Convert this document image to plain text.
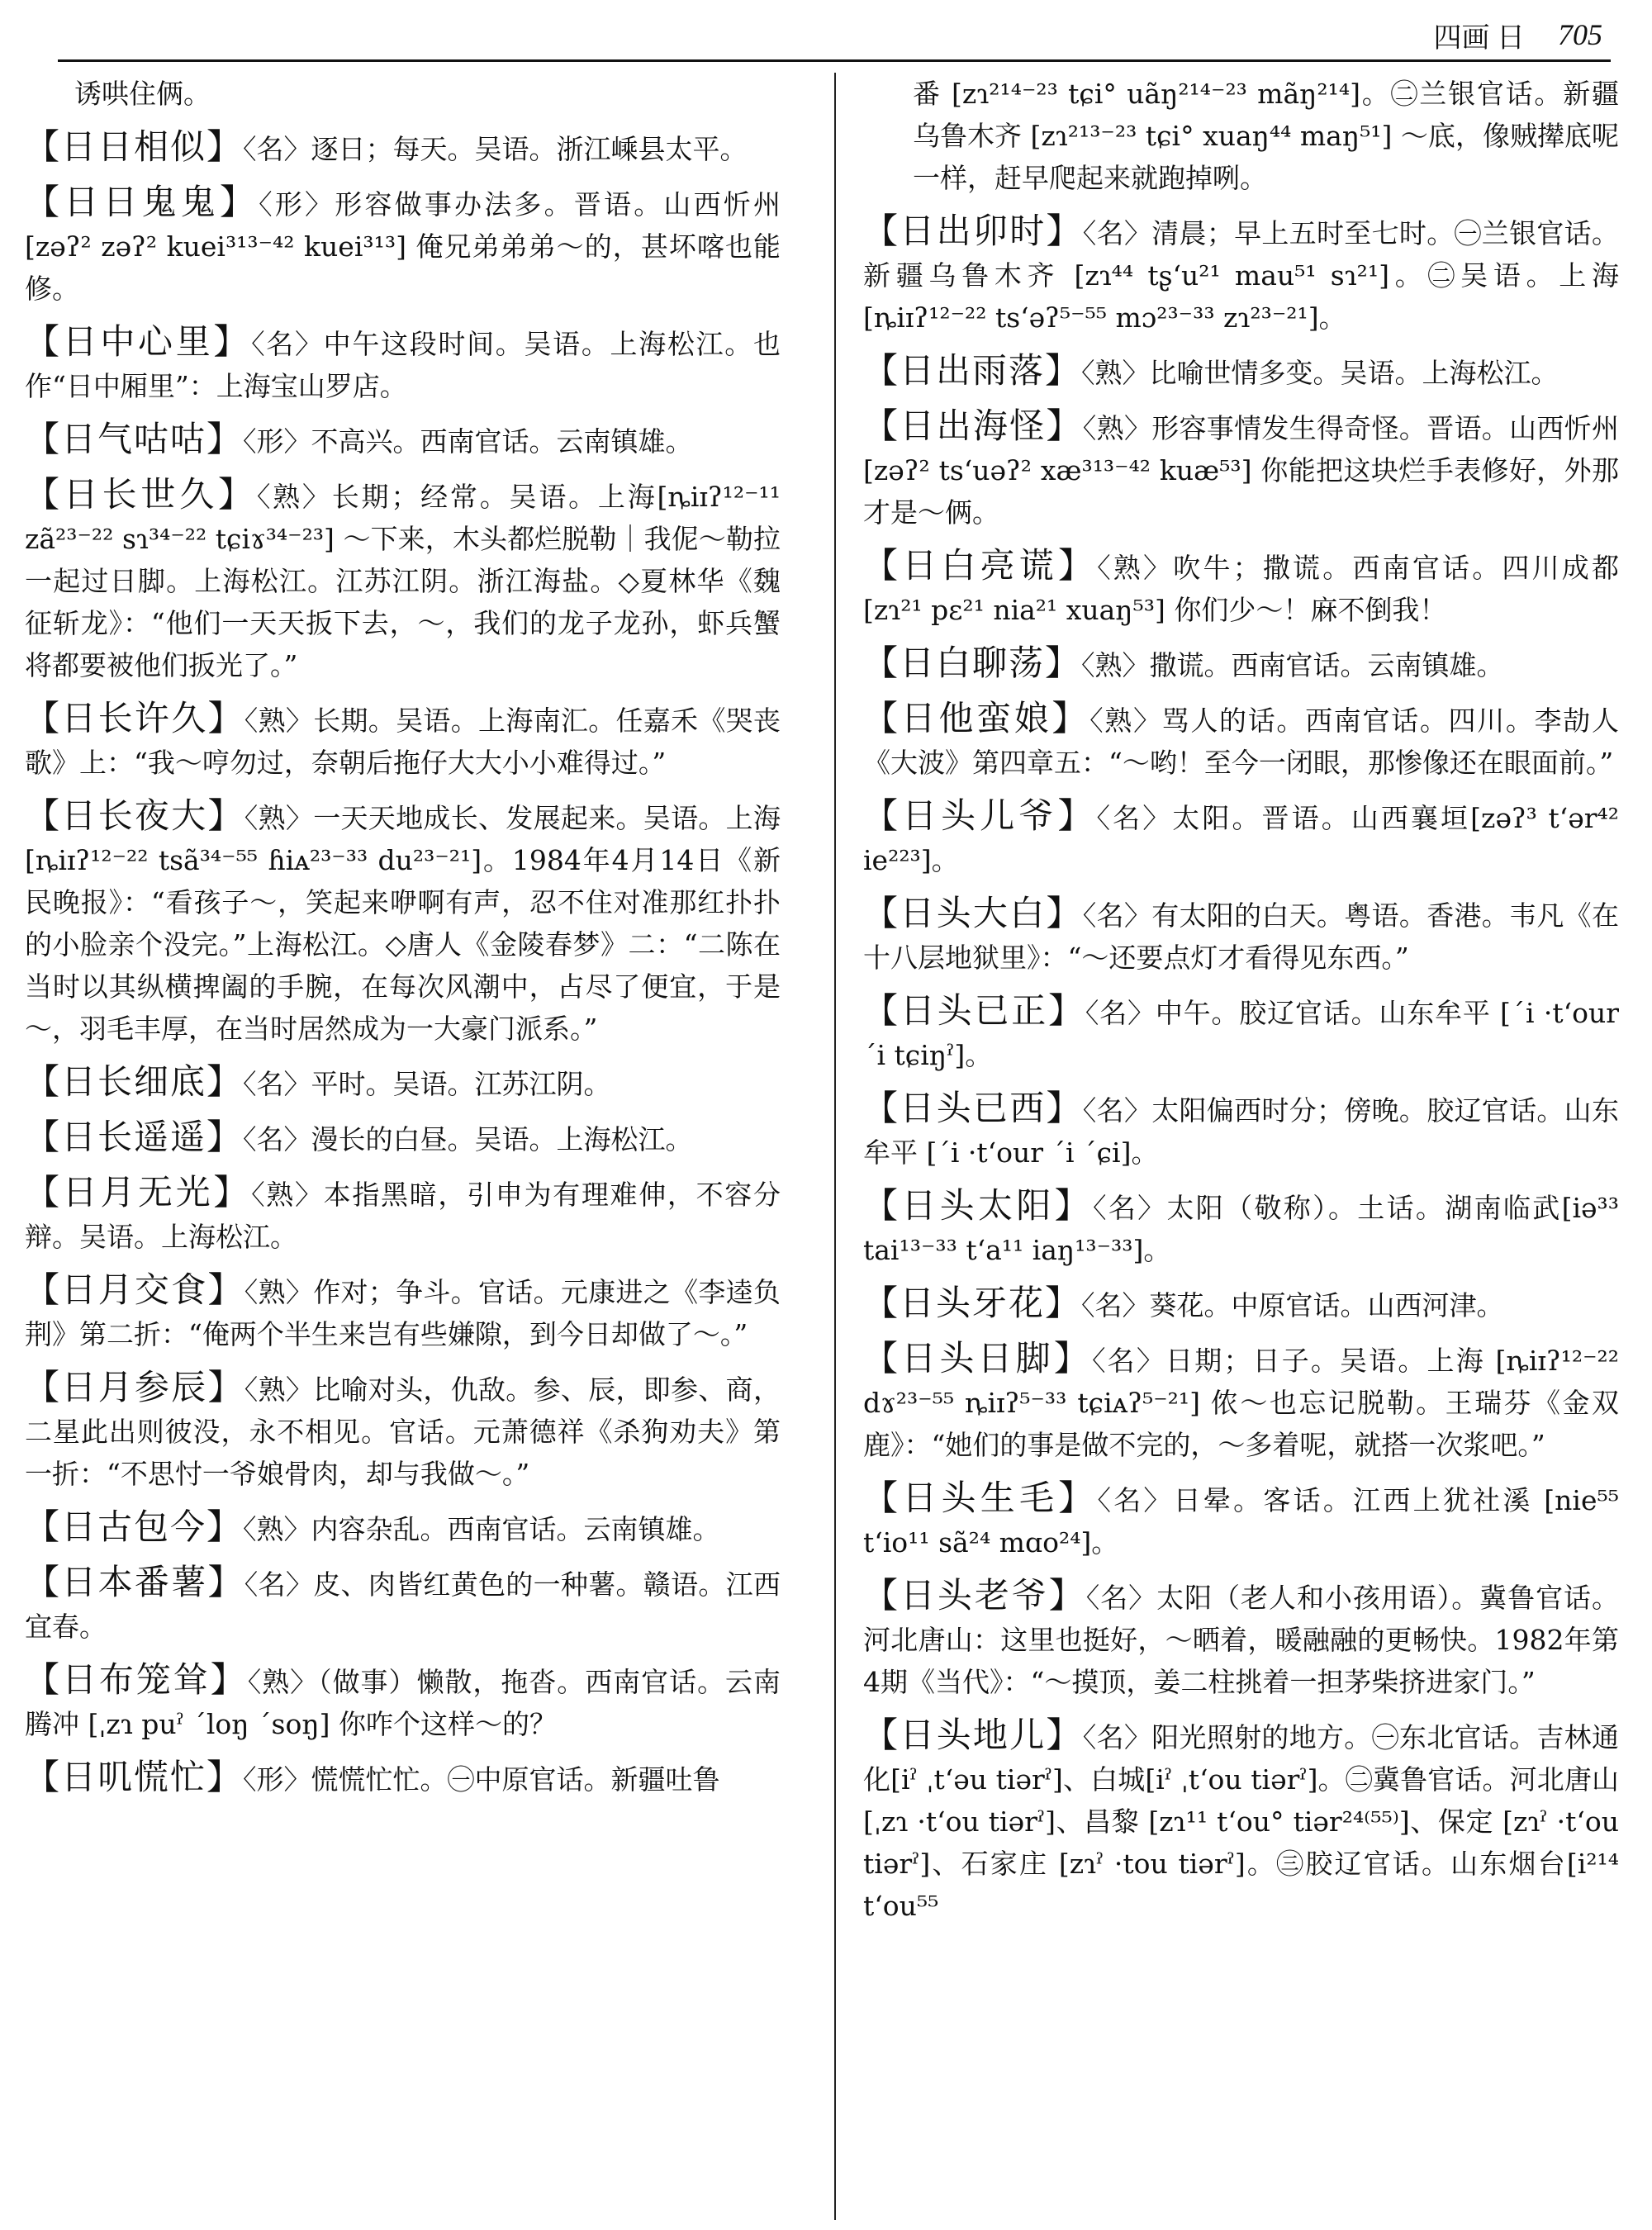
四画 日 705

诱哄住俩。

【日日相似】〈名〉逐日；每天。吴语。浙江嵊县太平。

【日日鬼鬼】〈形〉形容做事办法多。晋语。山西忻州 [zəʔ² zəʔ² kuei³¹³⁻⁴² kuei³¹³] 俺兄弟弟弟～的，甚坏喀也能修。

【日中心里】〈名〉中午这段时间。吴语。上海松江。也作“日中厢里”：上海宝山罗店。

【日气咕咕】〈形〉不高兴。西南官话。云南镇雄。

【日长世久】〈熟〉长期；经常。吴语。上海[ȵiɪʔ¹²⁻¹¹ zã²³⁻²² sɿ³⁴⁻²² tɕiɤ³⁴⁻²³] ～下来，木头都烂脱勒｜我伲～勒拉一起过日脚。上海松江。江苏江阴。浙江海盐。◇夏林华《魏征斩龙》：“他们一天天扳下去，～，我们的龙子龙孙，虾兵蟹将都要被他们扳光了。”

【日长许久】〈熟〉长期。吴语。上海南汇。任嘉禾《哭丧歌》上：“我～哼勿过，奈朝后拖仔大大小小难得过。”

【日长夜大】〈熟〉一天天地成长、发展起来。吴语。上海[ȵiɪʔ¹²⁻²² tsã³⁴⁻⁵⁵ ɦiᴀ²³⁻³³ du²³⁻²¹]。1984年4月14日《新民晚报》：“看孩子～，笑起来咿啊有声，忍不住对准那红扑扑的小脸亲个没完。”上海松江。◇唐人《金陵春梦》二：“二陈在当时以其纵横捭阖的手腕，在每次风潮中，占尽了便宜，于是～，羽毛丰厚，在当时居然成为一大豪门派系。”

【日长细底】〈名〉平时。吴语。江苏江阴。

【日长遥遥】〈名〉漫长的白昼。吴语。上海松江。

【日月无光】〈熟〉本指黑暗，引申为有理难伸，不容分辩。吴语。上海松江。

【日月交食】〈熟〉作对；争斗。官话。元康进之《李逵负荆》第二折：“俺两个半生来岂有些嫌隙，到今日却做了～。”

【日月参辰】〈熟〉比喻对头，仇敌。参、辰，即参、商，二星此出则彼没，永不相见。官话。元萧德祥《杀狗劝夫》第一折：“不思忖一爷娘骨肉，却与我做～。”

【日古包今】〈熟〉内容杂乱。西南官话。云南镇雄。

【日本番薯】〈名〉皮、肉皆红黄色的一种薯。赣语。江西宜春。

【日布笼耸】〈熟〉（做事）懒散，拖沓。西南官话。云南腾冲 [ˌzɿ puˀ ˊloŋ ˊsoŋ] 你咋个这样～的？

【日叽慌忙】〈形〉慌慌忙忙。㊀中原官话。新疆吐鲁

番 [zɿ²¹⁴⁻²³ tɕi° uãŋ²¹⁴⁻²³ mãŋ²¹⁴]。㊁兰银官话。新疆乌鲁木齐 [zɿ²¹³⁻²³ tɕi° xuaŋ⁴⁴ maŋ⁵¹] ～底，像贼撵底呢一样，赶早爬起来就跑掉咧。

【日出卯时】〈名〉清晨；早上五时至七时。㊀兰银官话。新疆乌鲁木齐 [zɿ⁴⁴ tʂʻu²¹ mau⁵¹ sɿ²¹]。㊁吴语。上海 [ȵiɪʔ¹²⁻²² tsʻəʔ⁵⁻⁵⁵ mɔ²³⁻³³ zɿ²³⁻²¹]。

【日出雨落】〈熟〉比喻世情多变。吴语。上海松江。

【日出海怪】〈熟〉形容事情发生得奇怪。晋语。山西忻州 [zəʔ² tsʻuəʔ² xæ³¹³⁻⁴² kuæ⁵³] 你能把这块烂手表修好，外那才是～俩。

【日白亮谎】〈熟〉吹牛；撒谎。西南官话。四川成都 [zɿ²¹ pɛ²¹ nia²¹ xuaŋ⁵³] 你们少～！麻不倒我！

【日白聊荡】〈熟〉撒谎。西南官话。云南镇雄。

【日他蛮娘】〈熟〉骂人的话。西南官话。四川。李劼人《大波》第四章五：“～哟！至今一闭眼，那惨像还在眼面前。”

【日头儿爷】〈名〉太阳。晋语。山西襄垣[zəʔ³ tʻər⁴² ie²²³]。

【日头大白】〈名〉有太阳的白天。粤语。香港。韦凡《在十八层地狱里》：“～还要点灯才看得见东西。”

【日头已正】〈名〉中午。胶辽官话。山东牟平 [ˊi ·tʻour ˊi tɕiŋˀ]。

【日头已西】〈名〉太阳偏西时分；傍晚。胶辽官话。山东牟平 [ˊi ·tʻour ˊi ˊɕi]。

【日头太阳】〈名〉太阳（敬称）。土话。湖南临武[iə³³ tai¹³⁻³³ tʻa¹¹ iaŋ¹³⁻³³]。

【日头牙花】〈名〉葵花。中原官话。山西河津。

【日头日脚】〈名〉日期；日子。吴语。上海 [ȵiɪʔ¹²⁻²² dɤ²³⁻⁵⁵ ȵiɪʔ⁵⁻³³ tɕiᴀʔ⁵⁻²¹] 侬～也忘记脱勒。王瑞芬《金双鹿》：“她们的事是做不完的，～多着呢，就搭一次浆吧。”

【日头生毛】〈名〉日晕。客话。江西上犹社溪 [nie⁵⁵ tʻio¹¹ sã²⁴ mɑo²⁴]。

【日头老爷】〈名〉太阳（老人和小孩用语）。冀鲁官话。河北唐山：这里也挺好，～晒着，暖融融的更畅快。1982年第4期《当代》：“～摸顶，姜二柱挑着一担茅柴挤进家门。”

【日头地儿】〈名〉阳光照射的地方。㊀东北官话。吉林通化[iˀ ˌtʻəu tiərˀ]、白城[iˀ ˌtʻou tiərˀ]。㊁冀鲁官话。河北唐山[ˌzɿ ·tʻou tiərˀ]、昌黎 [zɿ¹¹ tʻou° tiər²⁴⁽⁵⁵⁾]、保定 [zɿˀ ·tʻou tiərˀ]、石家庄 [zɿˀ ·tou tiərˀ]。㊂胶辽官话。山东烟台[i²¹⁴ tʻou⁵⁵
